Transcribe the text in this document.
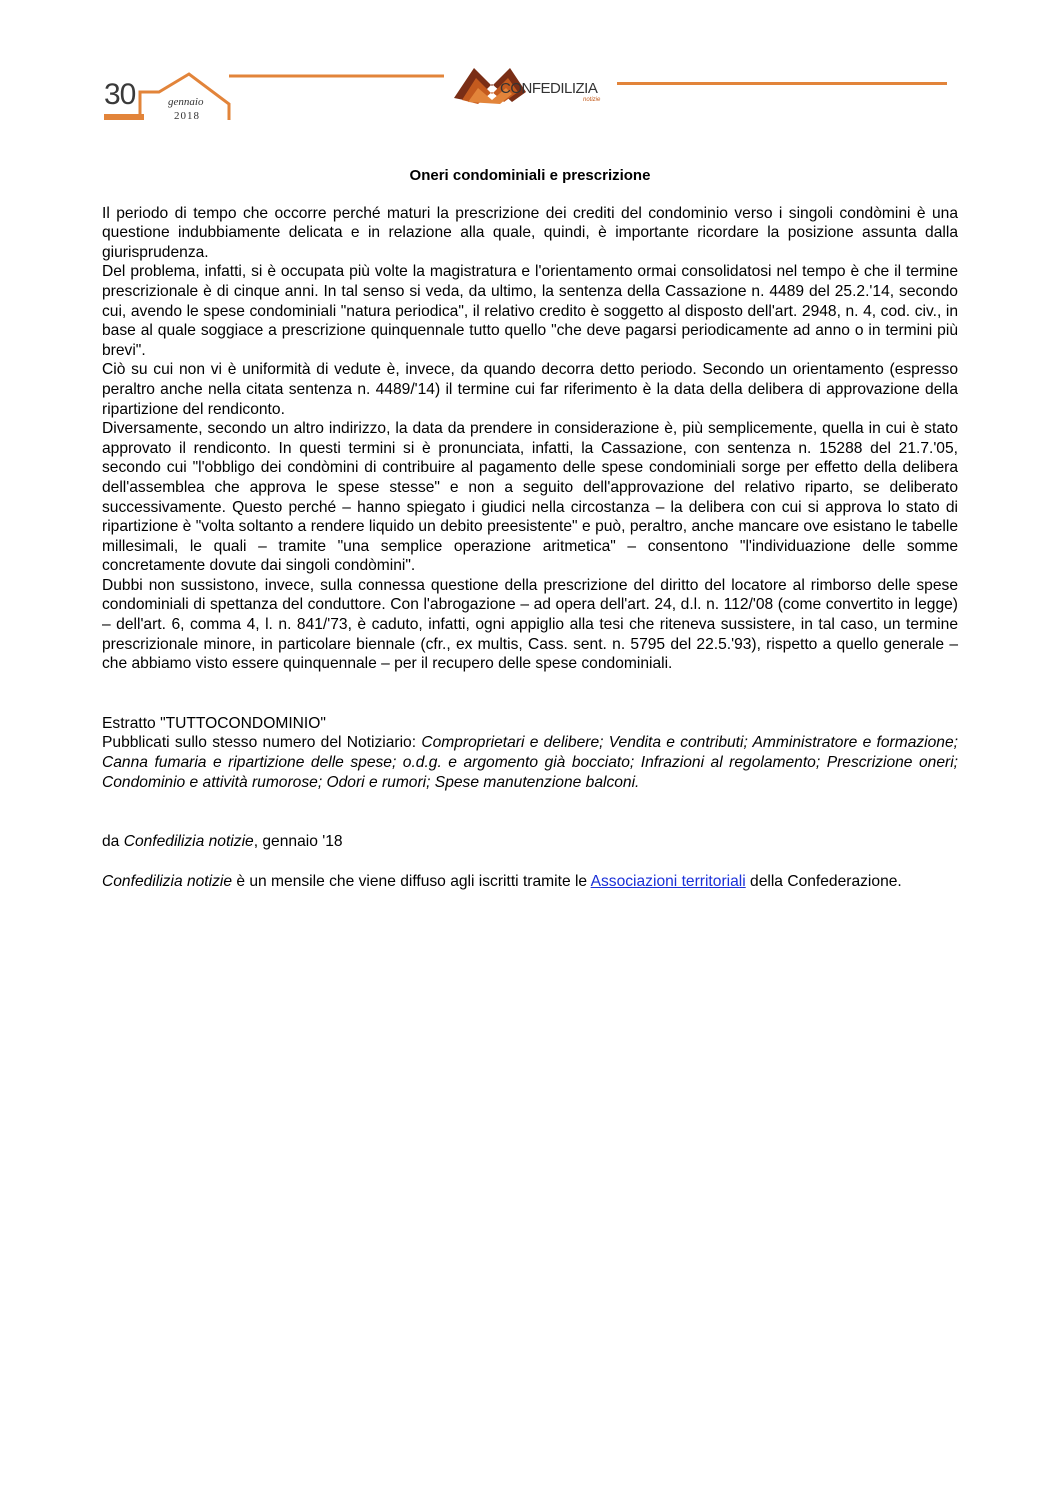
30	gennaio
2018
CONFEDILIZIA
notizie
Oneri condominiali e prescrizione

Il periodo di tempo che occorre perché maturi la prescrizione dei crediti del condominio verso i singoli condòmini è una questione indubbiamente delicata e in relazione alla quale, quindi, è importante ricordare la posizione assunta dalla giurisprudenza.

Del problema, infatti, si è occupata più volte la magistratura e l'orientamento ormai consolidatosi nel tempo è che il termine prescrizionale è di cinque anni. In tal senso si veda, da ultimo, la sentenza della Cassazione n. 4489 del 25.2.'14, secondo cui, avendo le spese condominiali "natura periodica", il relativo credito è soggetto al disposto dell'art. 2948, n. 4, cod. civ., in base al quale soggiace a prescrizione quinquennale tutto quello "che deve pagarsi periodicamente ad anno o in termini più brevi".

Ciò su cui non vi è uniformità di vedute è, invece, da quando decorra detto periodo. Secondo un orientamento (espresso peraltro anche nella citata sentenza n. 4489/'14) il termine cui far riferimento è la data della delibera di approvazione della ripartizione del rendiconto.

Diversamente, secondo un altro indirizzo, la data da prendere in considerazione è, più semplicemente, quella in cui è stato approvato il rendiconto. In questi termini si è pronunciata, infatti, la Cassazione, con sentenza n. 15288 del 21.7.'05, secondo cui "l'obbligo dei condòmini di contribuire al pagamento delle spese condominiali sorge per effetto della delibera dell'assemblea che approva le spese stesse" e non a seguito dell'approvazione del relativo riparto, se deliberato successivamente. Questo perché – hanno spiegato i giudici nella circostanza – la delibera con cui si approva lo stato di ripartizione è "volta soltanto a rendere liquido un debito preesistente" e può, peraltro, anche mancare ove esistano le tabelle millesimali, le quali – tramite "una semplice operazione aritmetica" – consentono "l'individuazione delle somme concretamente dovute dai singoli condòmini".

Dubbi non sussistono, invece, sulla connessa questione della prescrizione del diritto del locatore al rimborso delle spese condominiali di spettanza del conduttore. Con l'abrogazione – ad opera dell'art. 24, d.l. n. 112/'08 (come convertito in legge) – dell'art. 6, comma 4, l. n. 841/'73, è caduto, infatti, ogni appiglio alla tesi che riteneva sussistere, in tal caso, un termine prescrizionale minore, in particolare biennale (cfr., ex multis, Cass. sent. n. 5795 del 22.5.'93), rispetto a quello generale – che abbiamo visto essere quinquennale – per il recupero delle spese condominiali.

Estratto "TUTTOCONDOMINIO"

Pubblicati sullo stesso numero del Notiziario: Comproprietari e delibere; Vendita e contributi; Amministratore e formazione; Canna fumaria e ripartizione delle spese; o.d.g. e argomento già bocciato; Infrazioni al regolamento; Prescrizione oneri; Condominio e attività rumorose; Odori e rumori; Spese manutenzione balconi.

da Confedilizia notizie, gennaio '18

Confedilizia notizie è un mensile che viene diffuso agli iscritti tramite le Associazioni territoriali della Confederazione.
